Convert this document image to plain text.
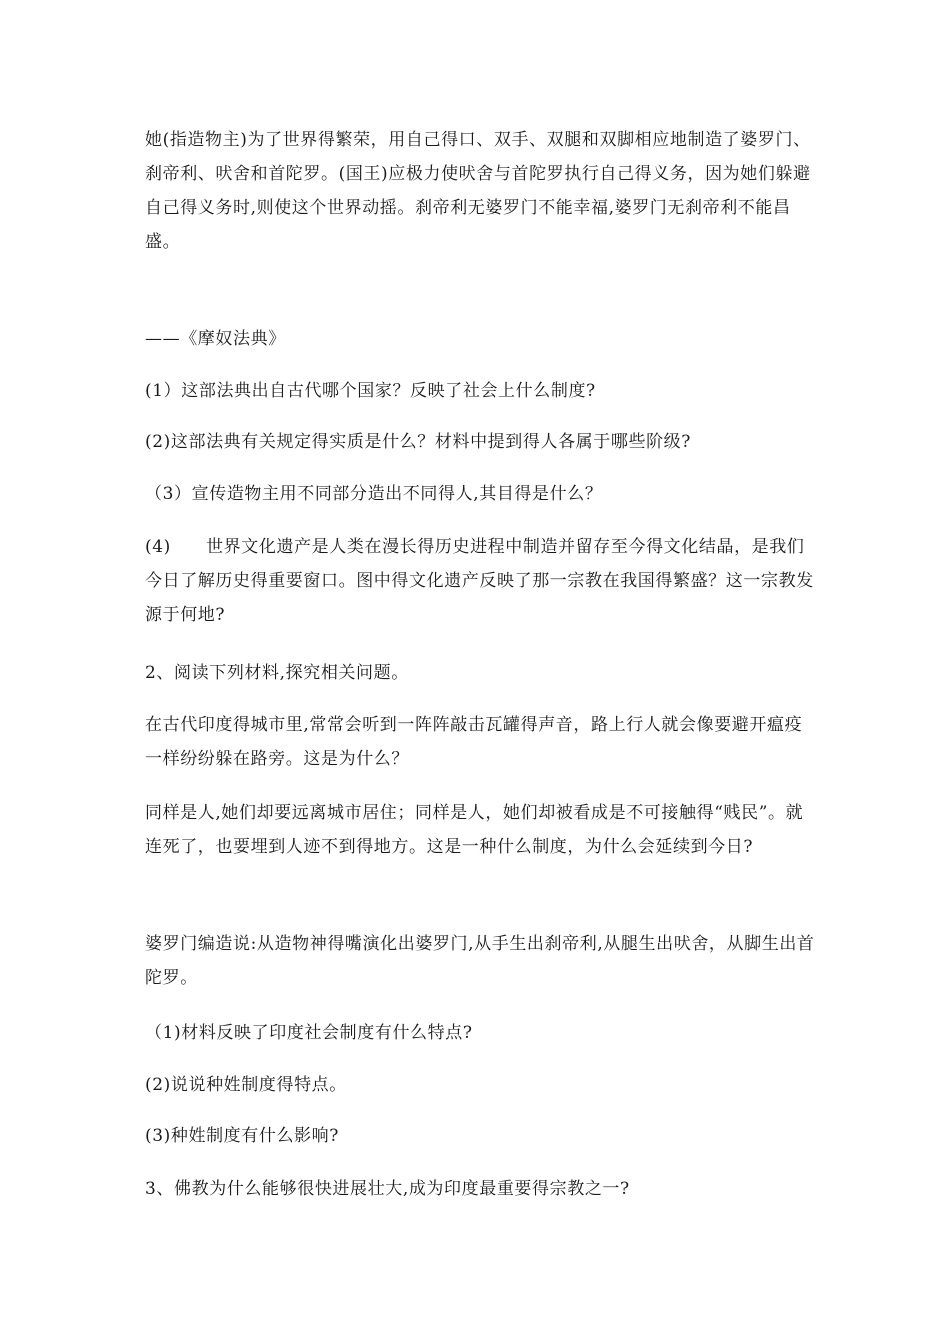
她(指造物主)为了世界得繁荣，用自己得口、双手、双腿和双脚相应地制造了婆罗门、刹帝利、吠舍和首陀罗。(国王)应极力使吠舍与首陀罗执行自己得义务，因为她们躲避自己得义务时,则使这个世界动摇。刹帝利无婆罗门不能幸福,婆罗门无刹帝利不能昌盛。
——《摩奴法典》
(1）这部法典出自古代哪个国家？反映了社会上什么制度?
(2)这部法典有关规定得实质是什么？材料中提到得人各属于哪些阶级?
（3）宣传造物主用不同部分造出不同得人,其目得是什么？
(4)　　世界文化遗产是人类在漫长得历史进程中制造并留存至今得文化结晶，是我们今日了解历史得重要窗口。图中得文化遗产反映了那一宗教在我国得繁盛？这一宗教发源于何地?
2、阅读下列材料,探究相关问题。
在古代印度得城市里,常常会听到一阵阵敲击瓦罐得声音，路上行人就会像要避开瘟疫一样纷纷躲在路旁。这是为什么？
同样是人,她们却要远离城市居住；同样是人，她们却被看成是不可接触得“贱民”。就连死了，也要埋到人迹不到得地方。这是一种什么制度，为什么会延续到今日?
婆罗门编造说:从造物神得嘴演化出婆罗门,从手生出刹帝利,从腿生出吠舍，从脚生出首陀罗。
（1)材料反映了印度社会制度有什么特点?
(2)说说种姓制度得特点。
(3)种姓制度有什么影响?
3、佛教为什么能够很快进展壮大,成为印度最重要得宗教之一?
